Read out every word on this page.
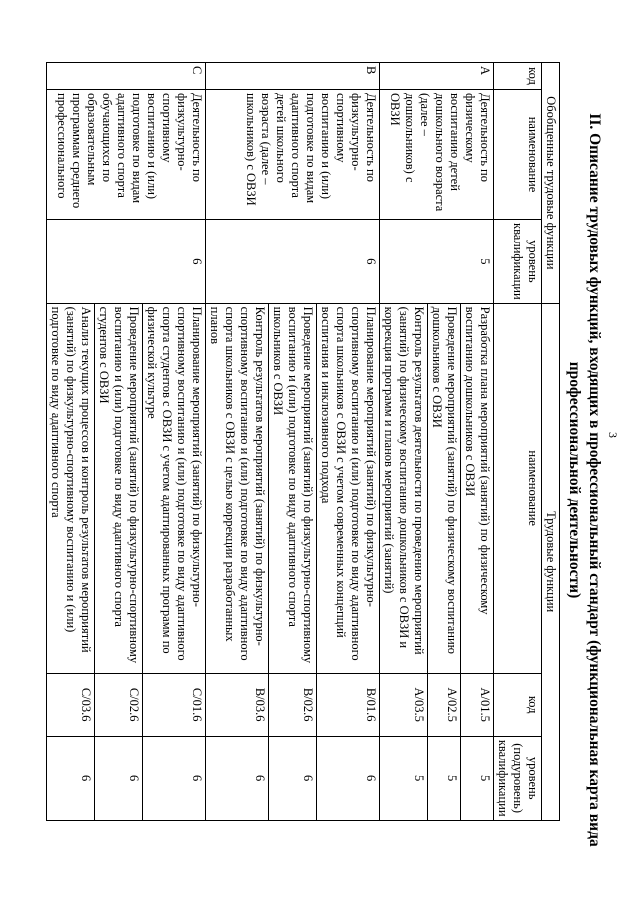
3
II. Описание трудовых функций, входящих в профессиональный стандарт (функциональная карта вида
профессиональной деятельности)
Обобщенные трудовые функции			Трудовые функции		
код	наименование	уровень квалификации	наименование	код	уровень (подуровень) квалификации
A	Деятельность по физическому воспитанию детей дошкольного возраста (далее – дошкольников) с ОВЗИ	5	Разработка плана мероприятий (занятий) по физическому воспитанию дошкольников с ОВЗИ	A/01.5	5
			Проведение мероприятий (занятий) по физическому воспитанию дошкольников с ОВЗИ	A/02.5	5
			Контроль результатов деятельности по проведению мероприятий (занятий) по физическому воспитанию дошкольников с ОВЗИ и коррекция программ и планов мероприятий (занятий)	A/03.5	5
B	Деятельность по физкультурно-спортивному воспитанию и (или) подготовке по видам адаптивного спорта детей школьного возраста (далее – школьников) с ОВЗИ	6	Планирование мероприятий (занятий) по физкультурно-спортивному воспитанию и (или) подготовке по виду адаптивного спорта школьников с ОВЗИ с учетом современных концепций воспитания и инклюзивного подхода	B/01.6	6
			Проведение мероприятий (занятий) по физкультурно-спортивному воспитанию и (или) подготовке по виду адаптивного спорта школьников с ОВЗИ	B/02.6	6
			Контроль результатов мероприятий (занятий) по физкультурно-спортивному воспитанию и (или) подготовке по виду адаптивного спорта школьников с ОВЗИ с целью коррекции разработанных планов	B/03.6	6
C	Деятельность по физкультурно-спортивному воспитанию и (или) подготовке по видам адаптивного спорта обучающихся по образовательным программам среднего профессионального	6	Планирование мероприятий (занятий) по физкультурно-спортивному воспитанию и (или) подготовке по виду адаптивного спорта студентов с ОВЗИ с учетом адаптированных программ по физической культуре	C/01.6	6
			Проведение мероприятий (занятий) по физкультурно-спортивному воспитанию и (или) подготовке по виду адаптивного спорта студентов с ОВЗИ	C/02.6	6
			Анализ текущих процессов и контроль результатов мероприятий (занятий) по физкультурно-спортивному воспитанию и (или) подготовке по виду адаптивного спорта	C/03.6	6
